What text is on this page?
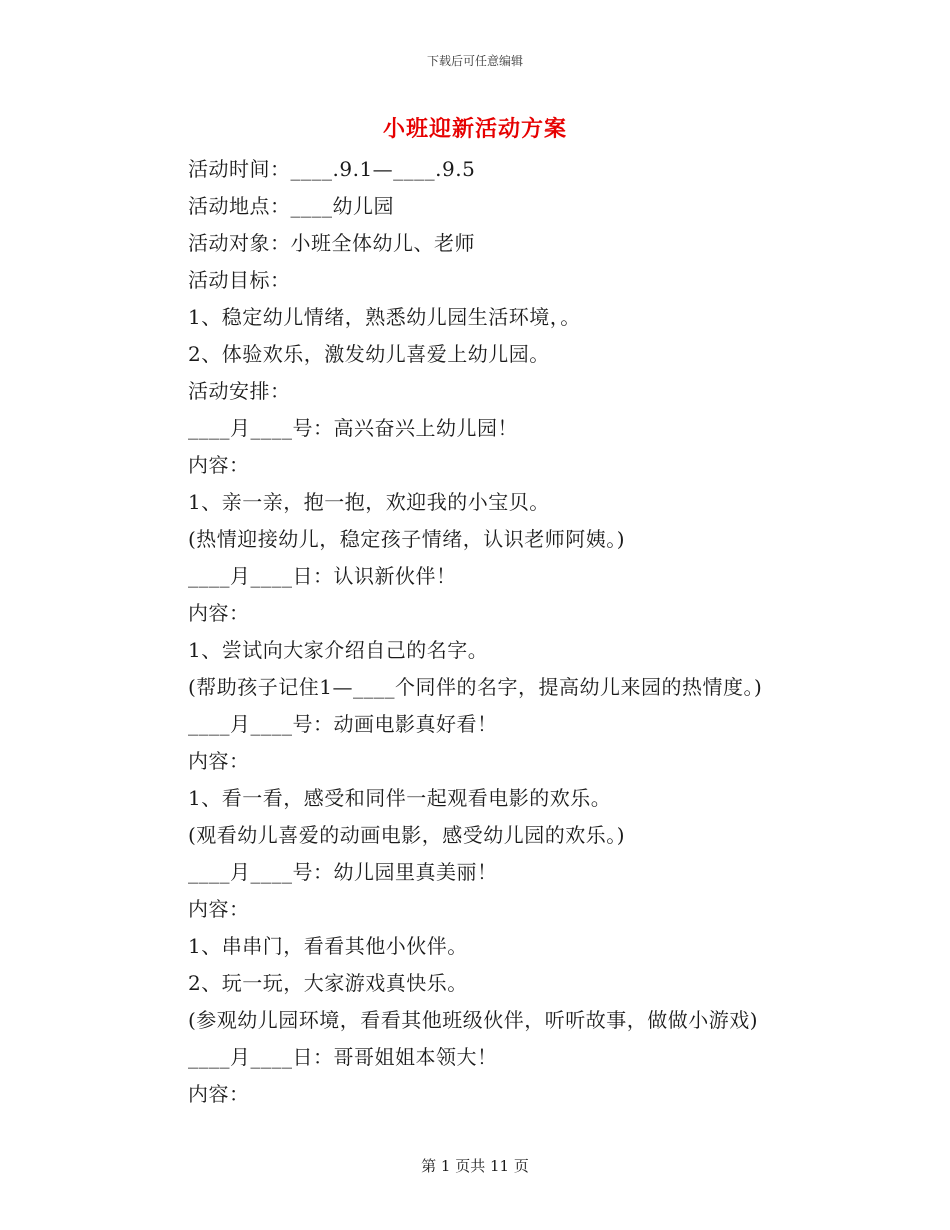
下载后可任意编辑
小班迎新活动方案
活动时间：____.9.1—____.9.5
活动地点：____幼儿园
活动对象：小班全体幼儿、老师
活动目标：
1、稳定幼儿情绪，熟悉幼儿园生活环境，。
2、体验欢乐，激发幼儿喜爱上幼儿园。
活动安排：
____月____号：高兴奋兴上幼儿园！
内容：
1、亲一亲，抱一抱，欢迎我的小宝贝。
(热情迎接幼儿，稳定孩子情绪，认识老师阿姨。)
____月____日：认识新伙伴！
内容：
1、尝试向大家介绍自己的名字。
(帮助孩子记住1—____个同伴的名字，提高幼儿来园的热情度。)
____月____号：动画电影真好看！
内容：
1、看一看，感受和同伴一起观看电影的欢乐。
(观看幼儿喜爱的动画电影，感受幼儿园的欢乐。)
____月____号：幼儿园里真美丽！
内容：
1、串串门，看看其他小伙伴。
2、玩一玩，大家游戏真快乐。
(参观幼儿园环境，看看其他班级伙伴，听听故事，做做小游戏)
____月____日：哥哥姐姐本领大！
内容：
第 1 页共 11 页
